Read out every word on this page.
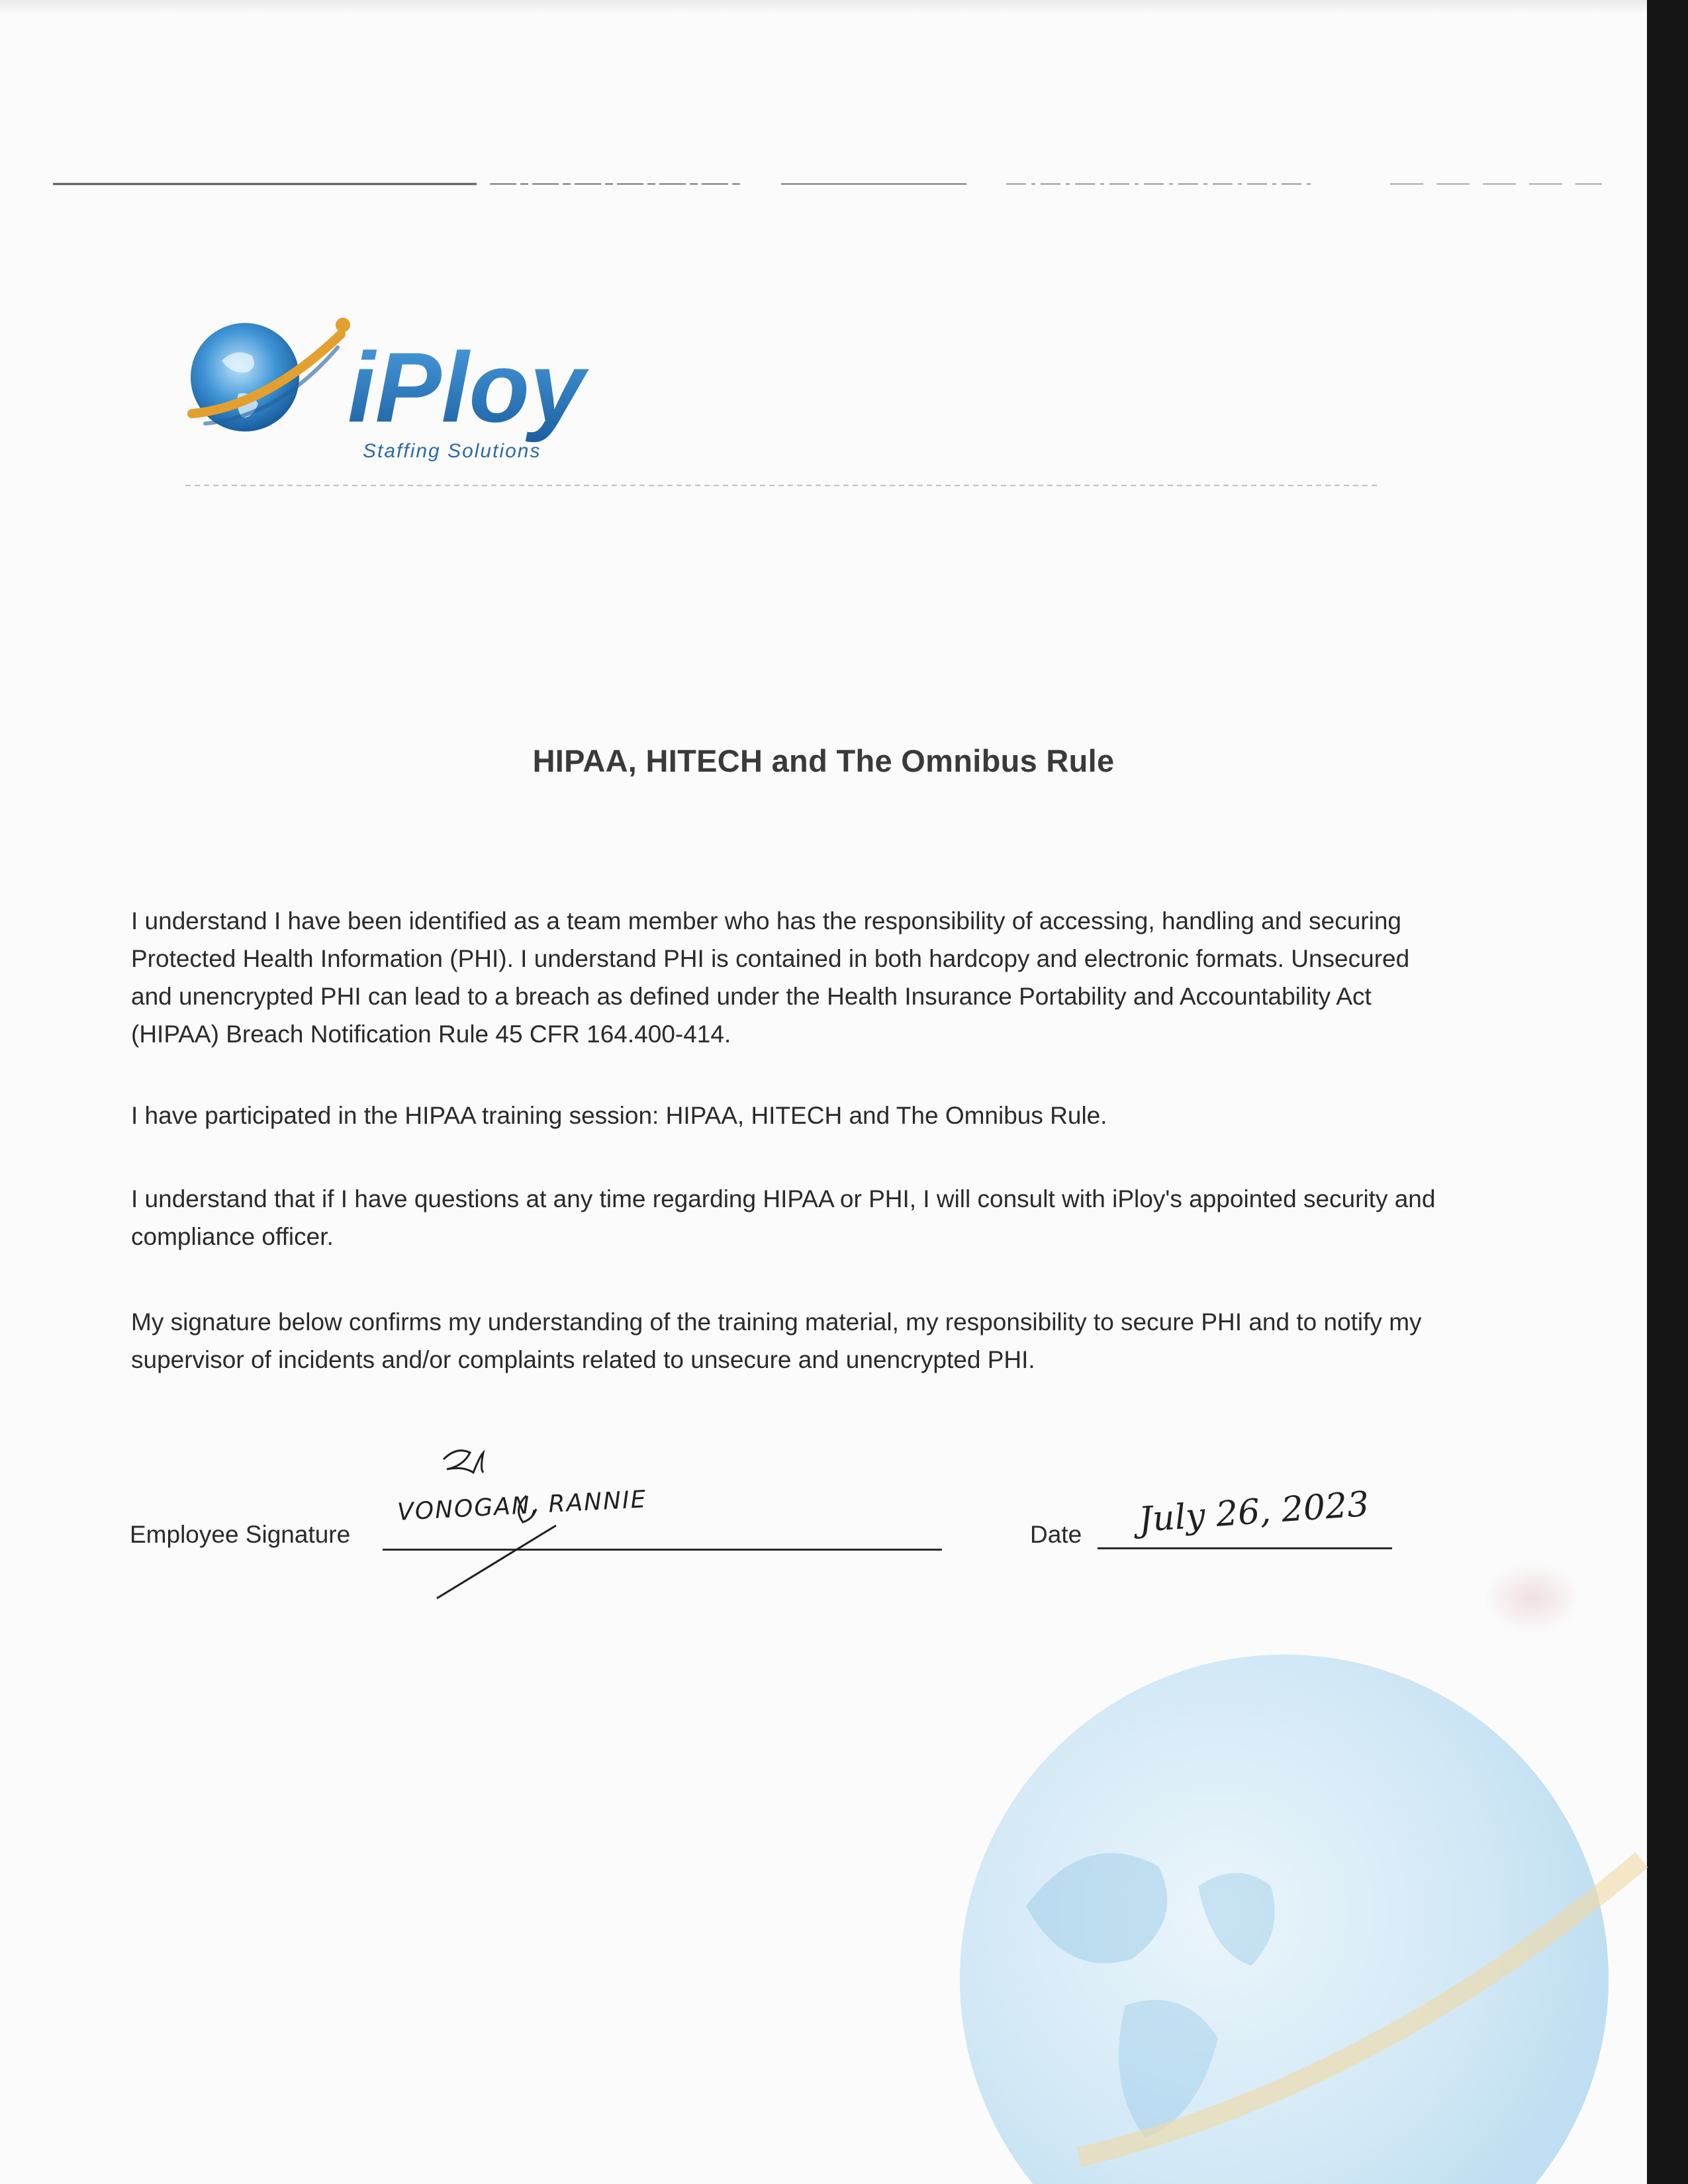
iPloy
Staffing Solutions
HIPAA, HITECH and The Omnibus Rule
I understand I have been identified as a team member who has the responsibility of accessing, handling and securing
Protected Health Information (PHI). I understand PHI is contained in both hardcopy and electronic formats. Unsecured
and unencrypted PHI can lead to a breach as defined under the Health Insurance Portability and Accountability Act
(HIPAA) Breach Notification Rule 45 CFR 164.400-414.
I have participated in the HIPAA training session: HIPAA, HITECH and The Omnibus Rule.
I understand that if I have questions at any time regarding HIPAA or PHI, I will consult with iPloy's appointed security and
compliance officer.
My signature below confirms my understanding of the training material, my responsibility to secure PHI and to notify my
supervisor of incidents and/or complaints related to unsecure and unencrypted PHI.
Employee Signature
VONOGAN, RANNIE
Date July 26, 2023
